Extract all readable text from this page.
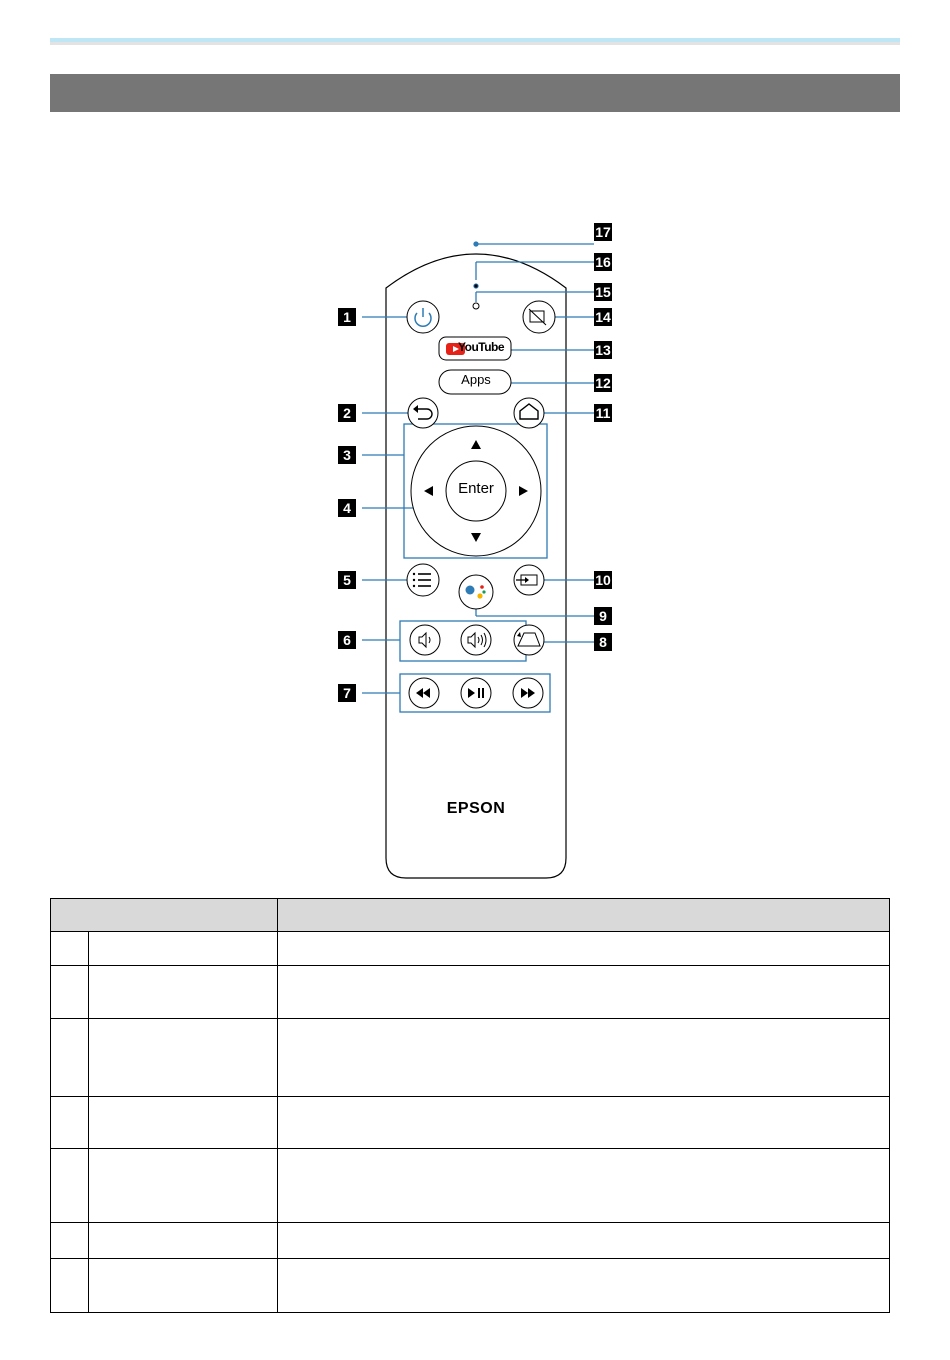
YouTube
Apps
Enter
EPSON
1
2
3
4
5
6
7
8
9
10
11
12
13
14
15
16
17
